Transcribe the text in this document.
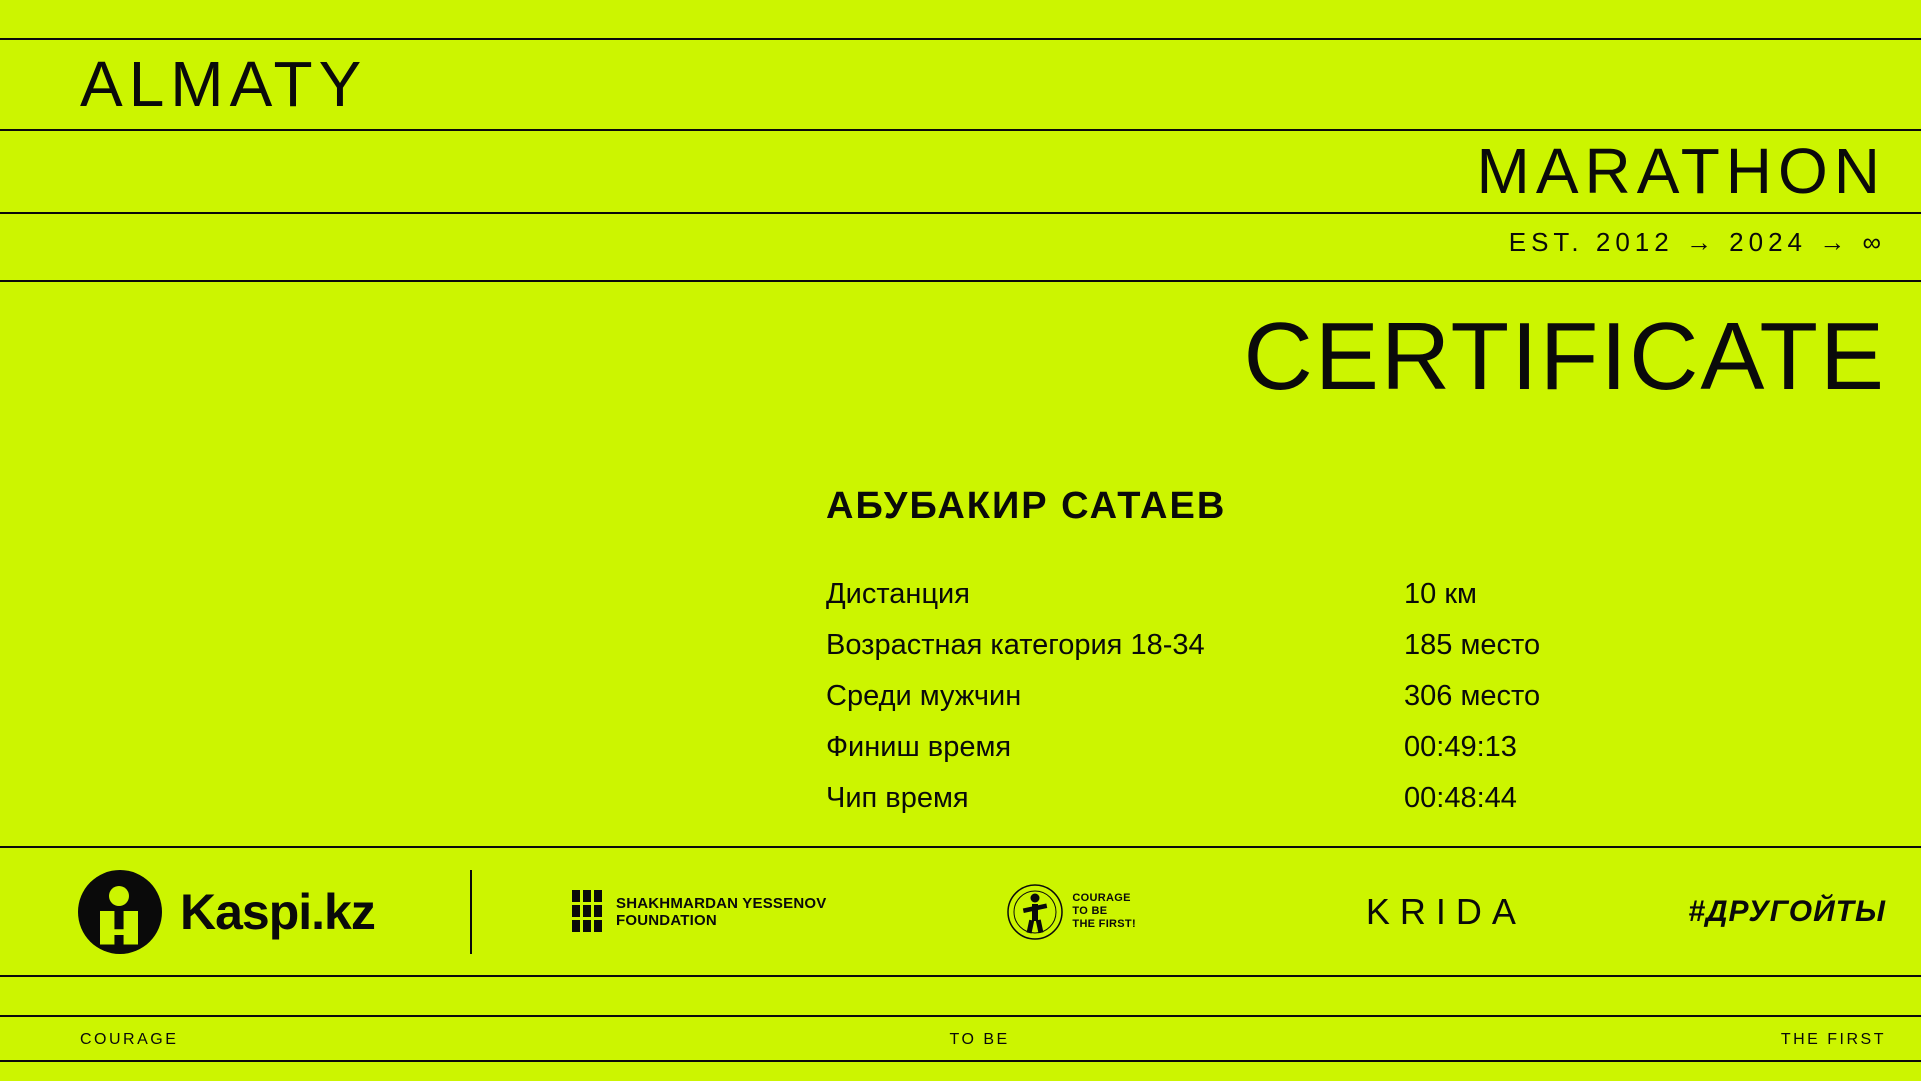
ALMATY
MARATHON
EST. 2012 → 2024 → ∞
CERTIFICATE
АБУБАКИР САТАЕВ
Дистанция	10 км
Возрастная категория 18-34	185 место
Среди мужчин	306 место
Финиш время	00:49:13
Чип время	00:48:44
Kaspi.kz	SHAKHMARDAN YESSENOV
FOUNDATION
COURAGE
TO BE
THE FIRST!	KRIDA	#ДРУГОЙТЫ
COURAGE	TO BE	THE FIRST
